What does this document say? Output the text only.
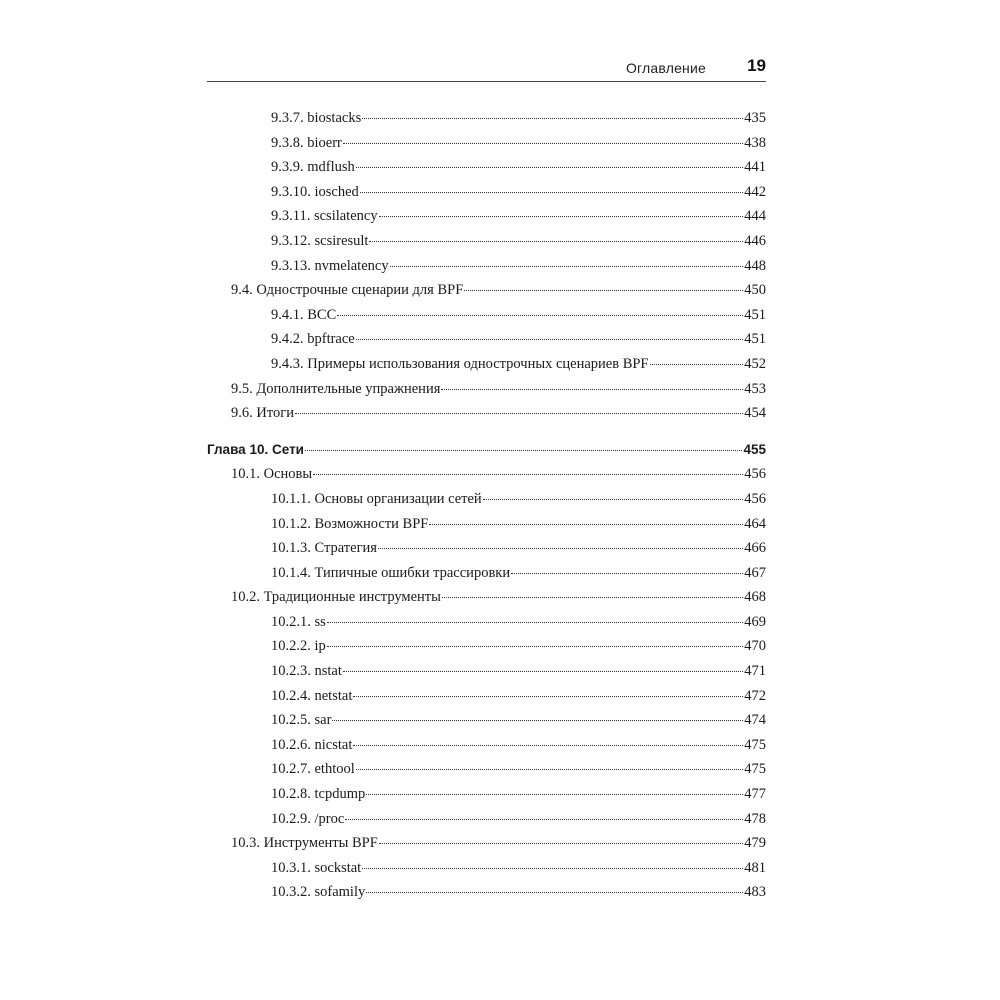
Оглавление 19
9.3.7. biostacks	435
9.3.8. bioerr	438
9.3.9. mdflush	441
9.3.10. iosched	442
9.3.11. scsilatency	444
9.3.12. scsiresult	446
9.3.13. nvmelatency	448
9.4. Однострочные сценарии для BPF	450
9.4.1. BCC	451
9.4.2. bpftrace	451
9.4.3. Примеры использования однострочных сценариев BPF	452
9.5. Дополнительные упражнения	453
9.6. Итоги	454
Глава 10. Сети	455
10.1. Основы	456
10.1.1. Основы организации сетей	456
10.1.2. Возможности BPF	464
10.1.3. Стратегия	466
10.1.4. Типичные ошибки трассировки	467
10.2. Традиционные инструменты	468
10.2.1. ss	469
10.2.2. ip	470
10.2.3. nstat	471
10.2.4. netstat	472
10.2.5. sar	474
10.2.6. nicstat	475
10.2.7. ethtool	475
10.2.8. tcpdump	477
10.2.9. /proc	478
10.3. Инструменты BPF	479
10.3.1. sockstat	481
10.3.2. sofamily	483
